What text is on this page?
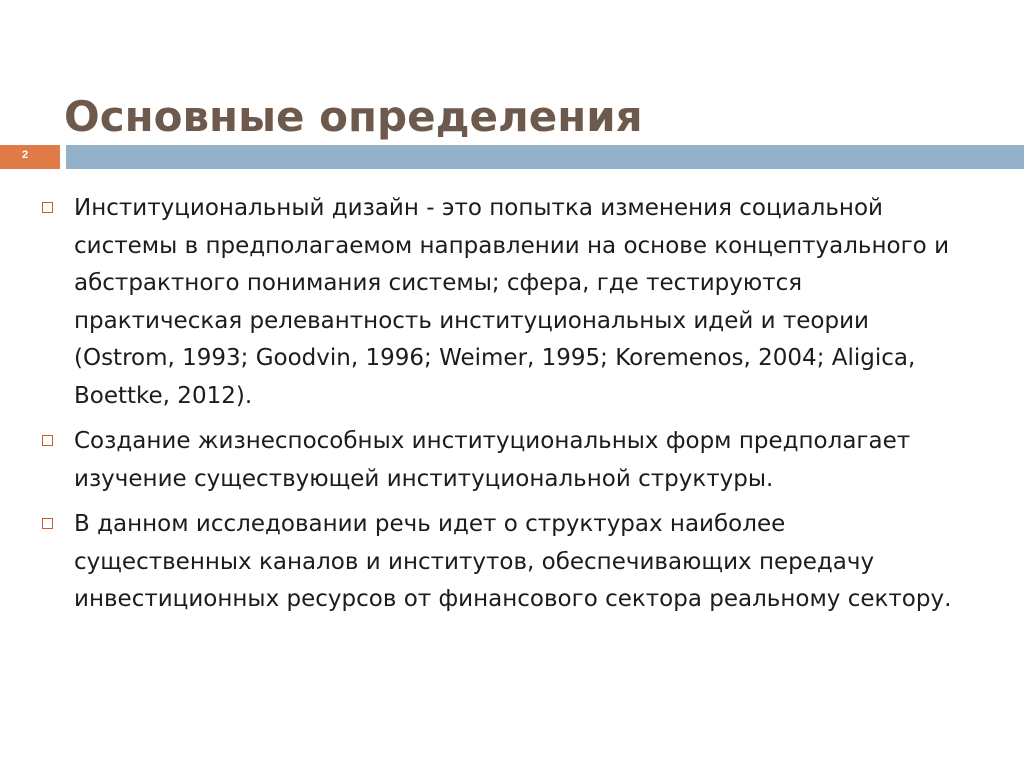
Основные определения
2

Институциональный дизайн - это попытка изменения социальной системы в предполагаемом направлении на основе концептуального и абстрактного понимания системы; сфера, где тестируются практическая релевантность институциональных идей и теории (Ostrom, 1993; Goodvin, 1996; Weimer, 1995; Koremenos, 2004; Aligica, Boettke, 2012).

Создание жизнеспособных институциональных форм предполагает изучение существующей институциональной структуры.

В данном исследовании речь идет о структурах наиболее существенных каналов и институтов, обеспечивающих передачу инвестиционных ресурсов от финансового сектора реальному сектору.
